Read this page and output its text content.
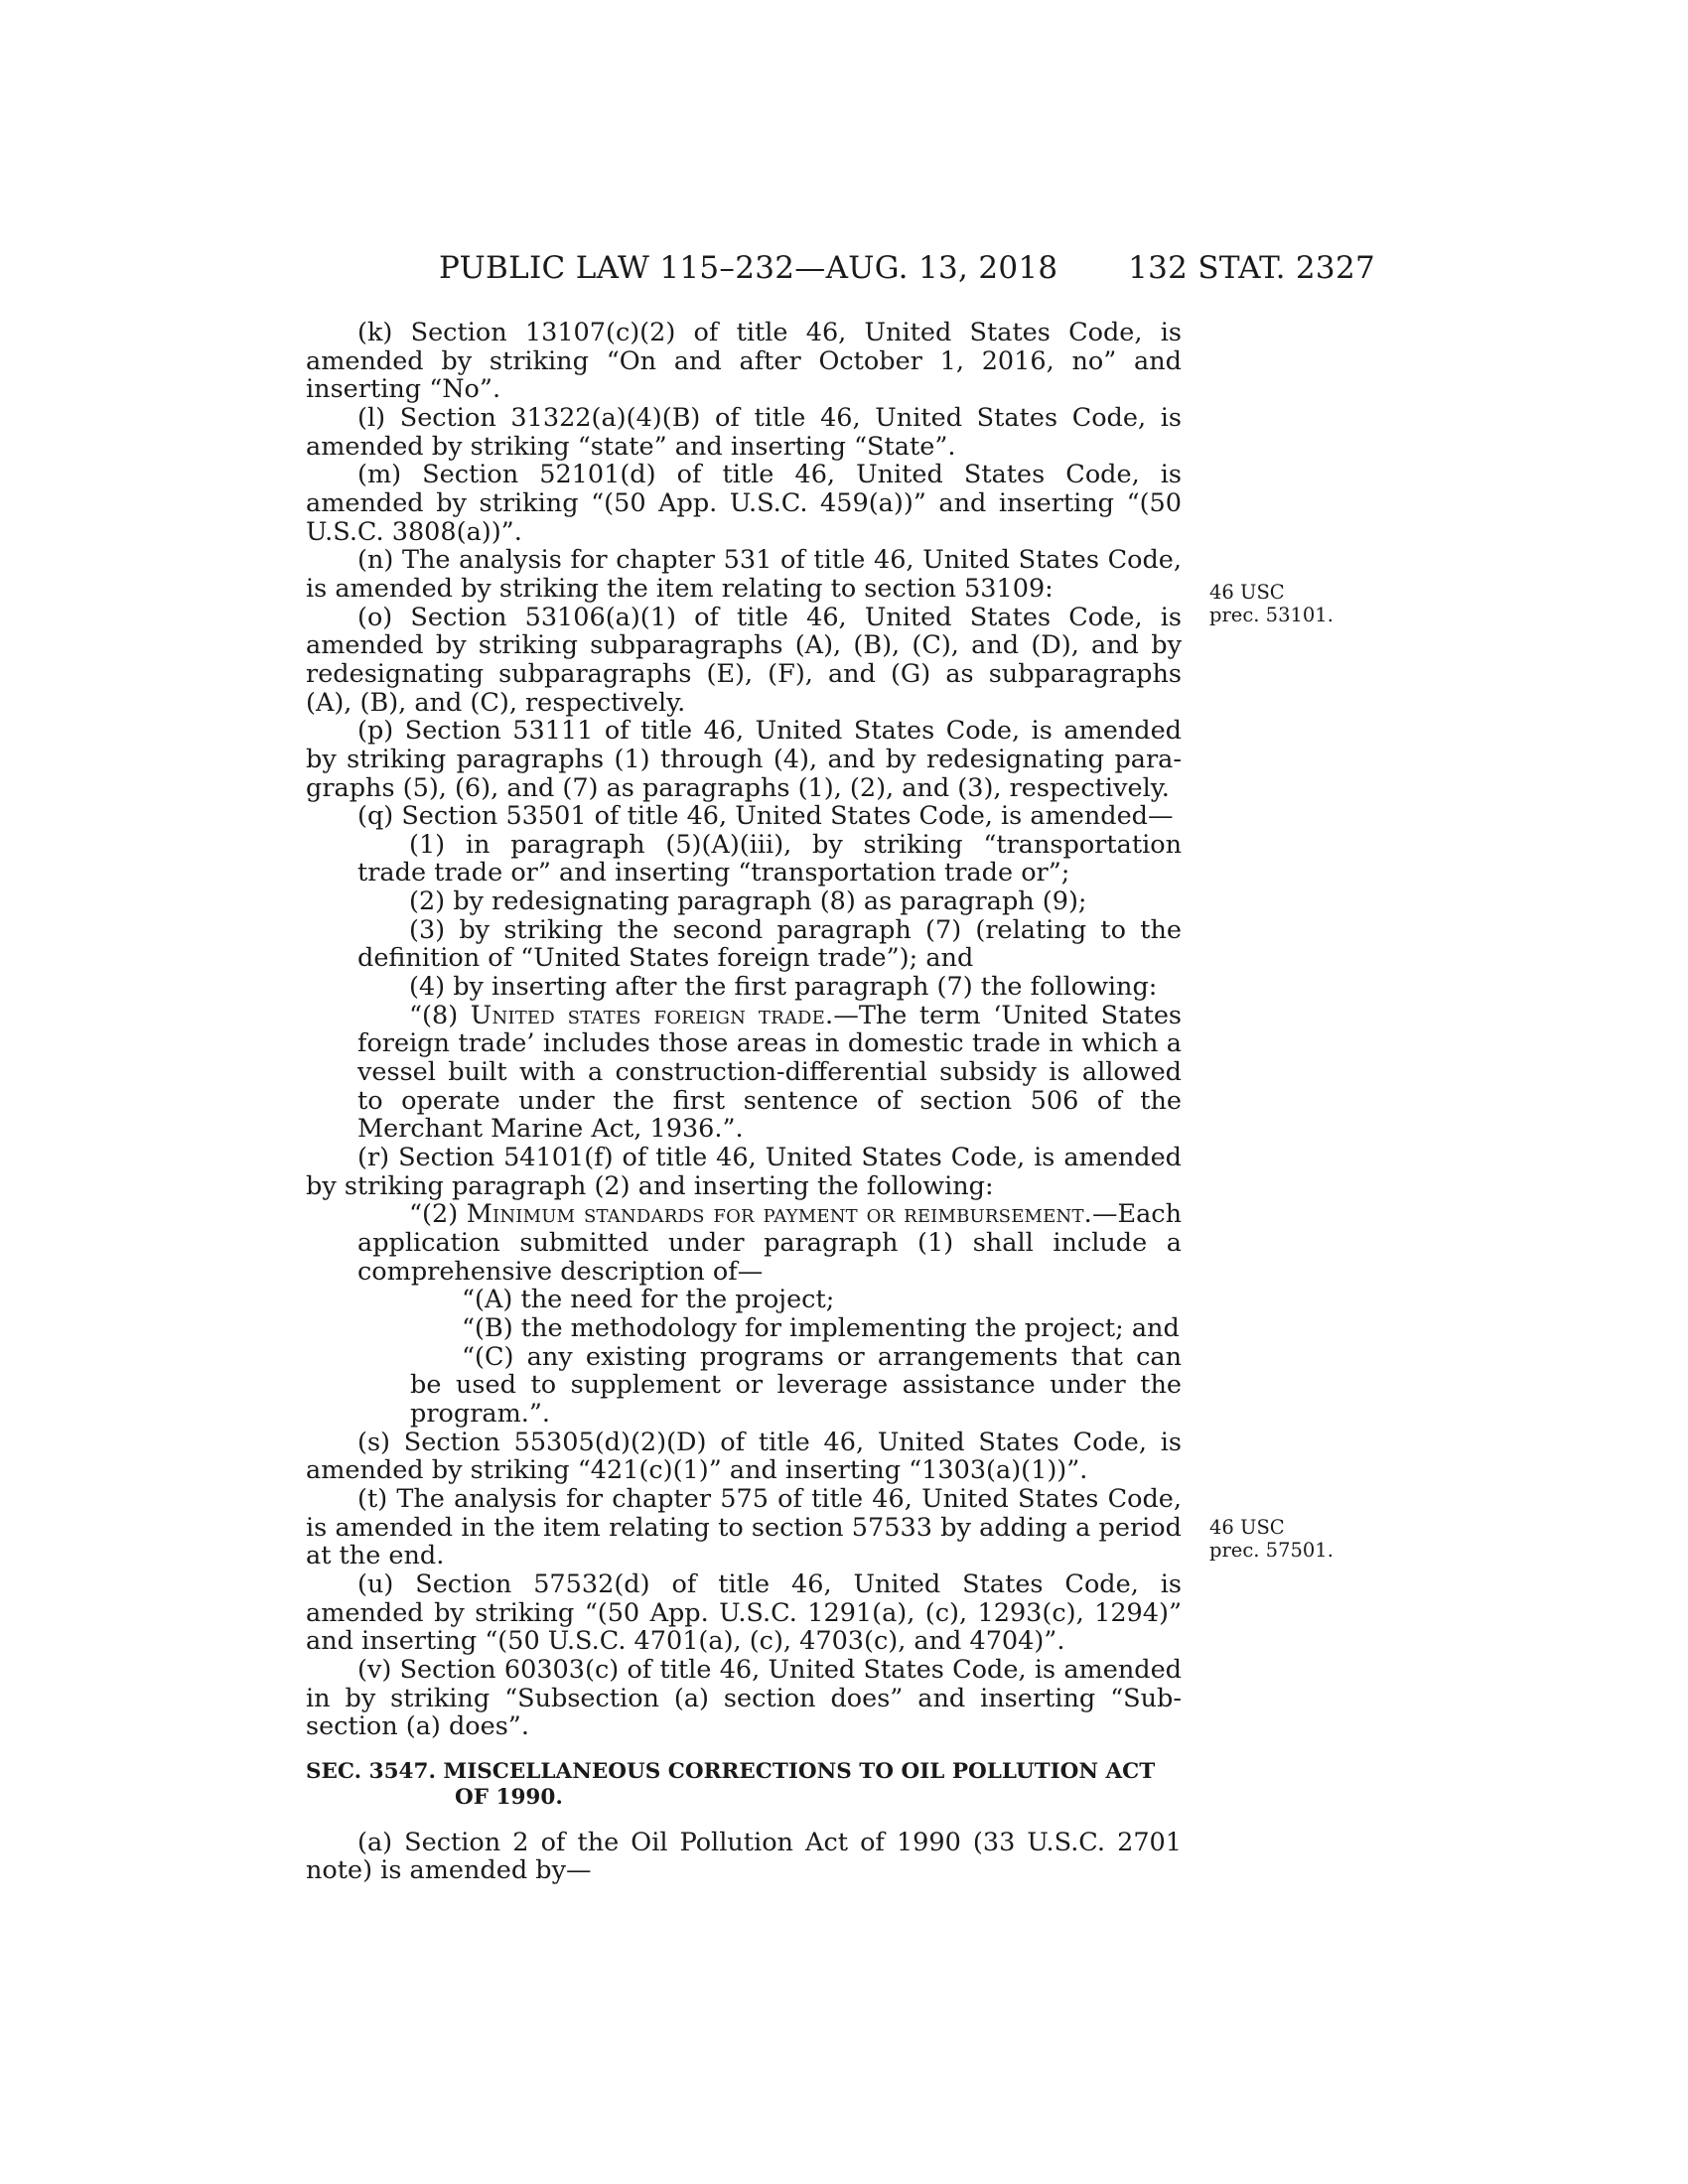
PUBLIC LAW 115–232—AUG. 13, 2018 132 STAT. 2327
46 USC
prec. 53101.
46 USC
prec. 57501.

(k) Section 13107(c)(2) of title 46, United States Code, is amended by striking “On and after October 1, 2016, no” and inserting “No”.

(l) Section 31322(a)(4)(B) of title 46, United States Code, is amended by striking “state” and inserting “State”.

(m) Section 52101(d) of title 46, United States Code, is amended by striking “(50 App. U.S.C. 459(a))” and inserting “(50 U.S.C. 3808(a))”.

(n) The analysis for chapter 531 of title 46, United States Code, is amended by striking the item relating to section 53109:

(o) Section 53106(a)(1) of title 46, United States Code, is amended by striking subparagraphs (A), (B), (C), and (D), and by redesignating subparagraphs (E), (F), and (G) as subparagraphs (A), (B), and (C), respectively.

(p) Section 53111 of title 46, United States Code, is amended by striking paragraphs (1) through (4), and by redesignating paragraphs (5), (6), and (7) as paragraphs (1), (2), and (3), respectively.

(q) Section 53501 of title 46, United States Code, is amended—

(1) in paragraph (5)(A)(iii), by striking “transportation trade trade or” and inserting “transportation trade or”;

(2) by redesignating paragraph (8) as paragraph (9);

(3) by striking the second paragraph (7) (relating to the definition of “United States foreign trade”); and

(4) by inserting after the first paragraph (7) the following:

“(8) United states foreign trade.—The term ‘United States foreign trade’ includes those areas in domestic trade in which a vessel built with a construction-differential subsidy is allowed to operate under the first sentence of section 506 of the Merchant Marine Act, 1936.”.

(r) Section 54101(f) of title 46, United States Code, is amended by striking paragraph (2) and inserting the following:

“(2) Minimum standards for payment or reimbursement.—Each application submitted under paragraph (1) shall include a comprehensive description of—

“(A) the need for the project;

“(B) the methodology for implementing the project; and

“(C) any existing programs or arrangements that can be used to supplement or leverage assistance under the program.”.

(s) Section 55305(d)(2)(D) of title 46, United States Code, is amended by striking “421(c)(1)” and inserting “1303(a)(1))”.

(t) The analysis for chapter 575 of title 46, United States Code, is amended in the item relating to section 57533 by adding a period at the end.

(u) Section 57532(d) of title 46, United States Code, is amended by striking “(50 App. U.S.C. 1291(a), (c), 1293(c), 1294)” and inserting “(50 U.S.C. 4701(a), (c), 4703(c), and 4704)”.

(v) Section 60303(c) of title 46, United States Code, is amended in by striking “Subsection (a) section does” and inserting “Subsection (a) does”.

SEC. 3547. MISCELLANEOUS CORRECTIONS TO OIL POLLUTION ACT
OF 1990.

(a) Section 2 of the Oil Pollution Act of 1990 (33 U.S.C. 2701 note) is amended by—
